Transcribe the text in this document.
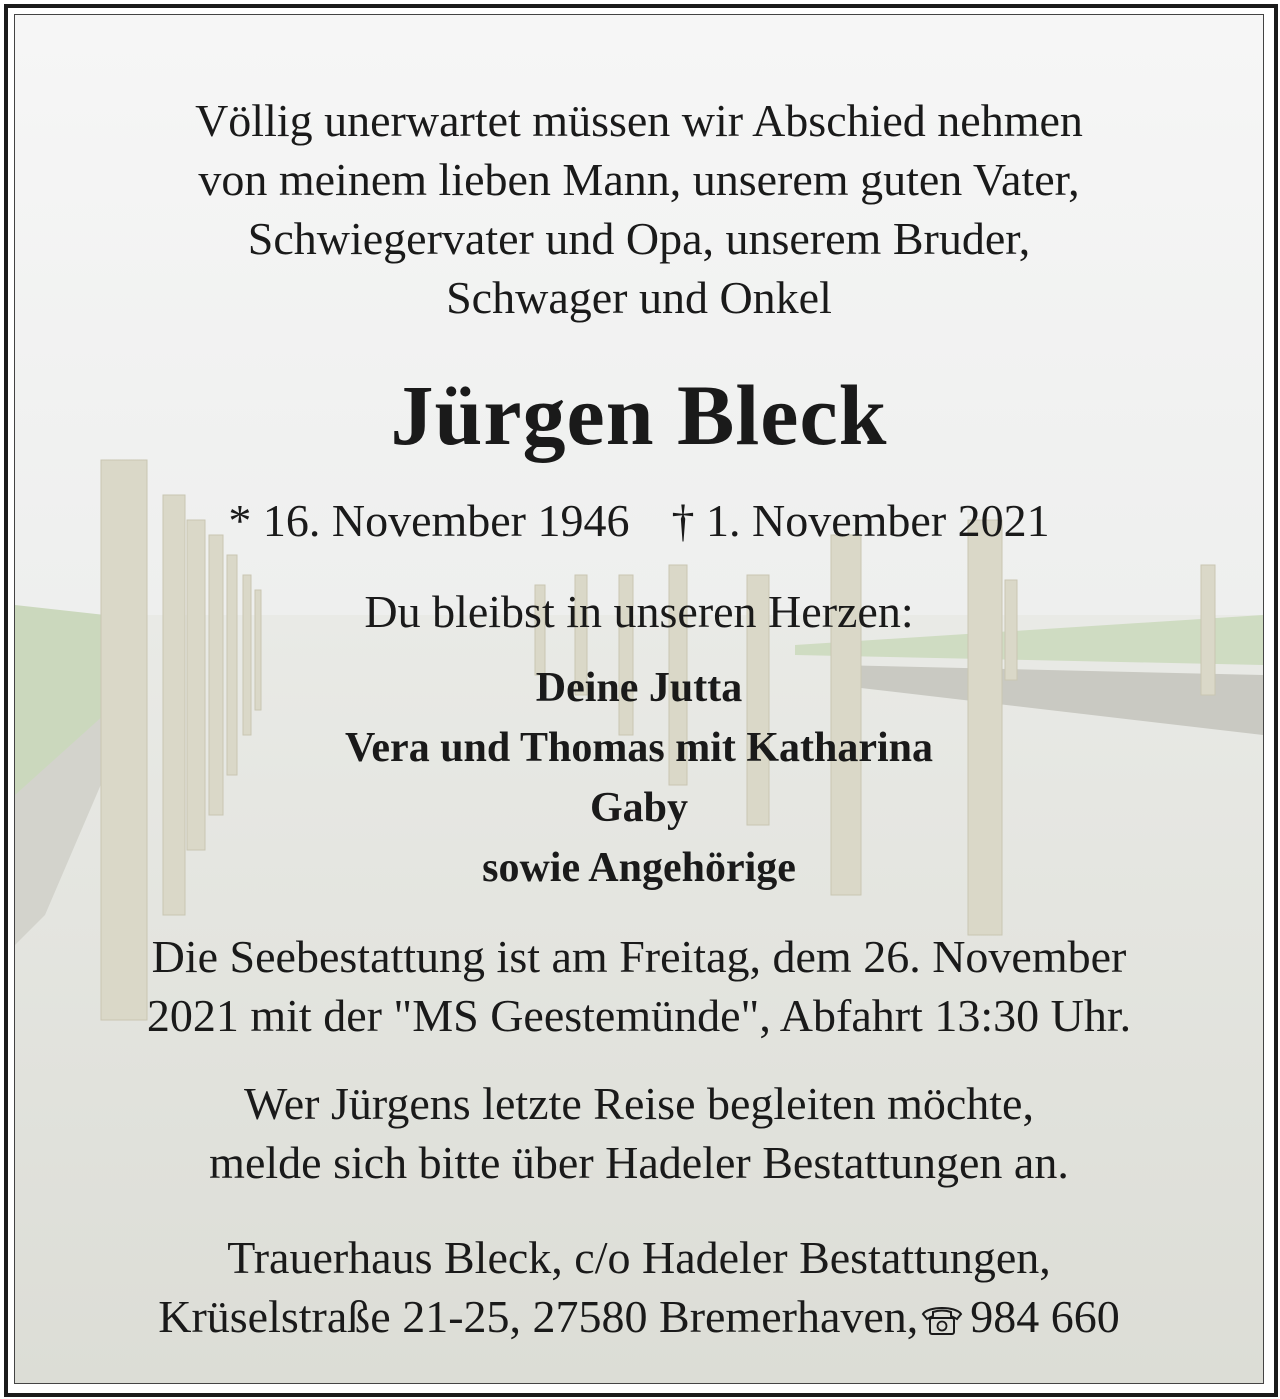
Völlig unerwartet müssen wir Abschied nehmen

von meinem lieben Mann, unserem guten Vater,

Schwiegervater und Opa, unserem Bruder,

Schwager und Onkel

Jürgen Bleck

* 16. November 1946 † 1. November 2021

Du bleibst in unseren Herzen:

Deine Jutta

Vera und Thomas mit Katharina

Gaby

sowie Angehörige

Die Seebestattung ist am Freitag, dem 26. November

2021 mit der "MS Geestemünde", Abfahrt 13:30 Uhr.

Wer Jürgens letzte Reise begleiten möchte,

melde sich bitte über Hadeler Bestattungen an.

Trauerhaus Bleck, c/o Hadeler Bestattungen,

Krüselstraße 21-25, 27580 Bremerhaven, 984 660
